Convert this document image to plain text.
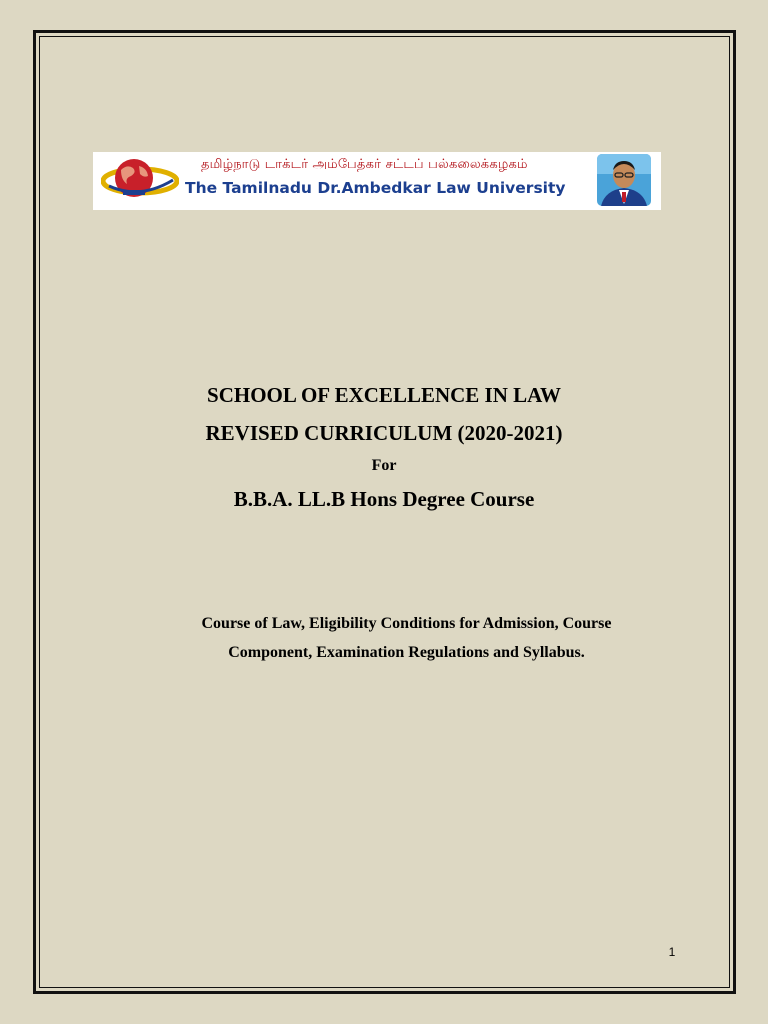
தமிழ்நாடு டாக்டர் அம்பேத்கர் சட்டப் பல்கலைக்கழகம்
The Tamilnadu Dr.Ambedkar Law University
SCHOOL OF EXCELLENCE IN LAW
REVISED CURRICULUM (2020-2021)
For
B.B.A. LL.B Hons Degree Course
Course of Law, Eligibility Conditions for Admission, Course
Component, Examination Regulations and Syllabus.
1
